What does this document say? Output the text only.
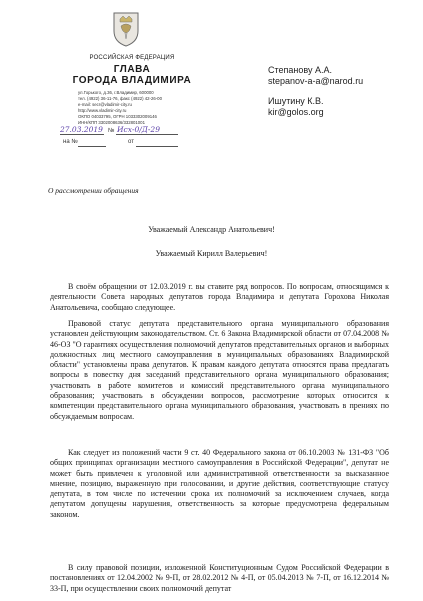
РОССИЙСКАЯ ФЕДЕРАЦИЯ
ГЛАВА
ГОРОДА ВЛАДИМИРА
ул.Горького, д.36, г.Владимир, 600000
тел. (4922) 36-11-76, факс (4922) 42-26-00
e-mail: secr@vladimir-city.ru
http://www.vladimir-city.ru
ОКПО 04033795, ОГРН 1033302009146
ИНН/КПП 3302008636/332801001
27.03.2019 № Исх-0/Д-29
на №	от
Степанову А.А.
stepanov-a-a@narod.ru
Ишутину К.В.
kir@golos.org
О рассмотрении обращения
Уважаемый Александр Анатольевич!
Уважаемый Кирилл Валерьевич!
В своём обращении от 12.03.2019 г. вы ставите ряд вопросов. По вопросам, относящимся к деятельности Совета народных депутатов города Владимира и депутата Горохова Николая Анатольевича, сообщаю следующее.
Правовой статус депутата представительного органа муниципального образования установлен действующим законодательством. Ст. 6 Закона Владимирской области от 07.04.2008 № 46-ОЗ "О гарантиях осуществления полномочий депутатов представительных органов и выборных должностных лиц местного самоуправления в муниципальных образованиях Владимирской области" установлены права депутатов. К правам каждого депутата относятся права предлагать вопросы в повестку дня заседаний представительного органа муниципального образования; участвовать в работе комитетов и комиссий представительного органа муниципального образования; участвовать в обсуждении вопросов, рассмотрение которых относится к компетенции представительного органа муниципального образования, участвовать в прениях по обсуждаемым вопросам.
Как следует из положений части 9 ст. 40 Федерального закона от 06.10.2003 № 131-ФЗ "Об общих принципах организации местного самоуправления в Российской Федерации", депутат не может быть привлечен к уголовной или административной ответственности за высказанное мнение, позицию, выраженную при голосовании, и другие действия, соответствующие статусу депутата, в том числе по истечении срока их полномочий за исключением случаев, когда депутатом допущены нарушения, ответственность за которые предусмотрена федеральным законом.
В силу правовой позиции, изложенной Конституционным Судом Российской Федерации в постановлениях от 12.04.2002 № 9-П, от 28.02.2012 № 4-П, от 05.04.2013 № 7-П, от 16.12.2014 № 33-П, при осуществлении своих полномочий депутат
